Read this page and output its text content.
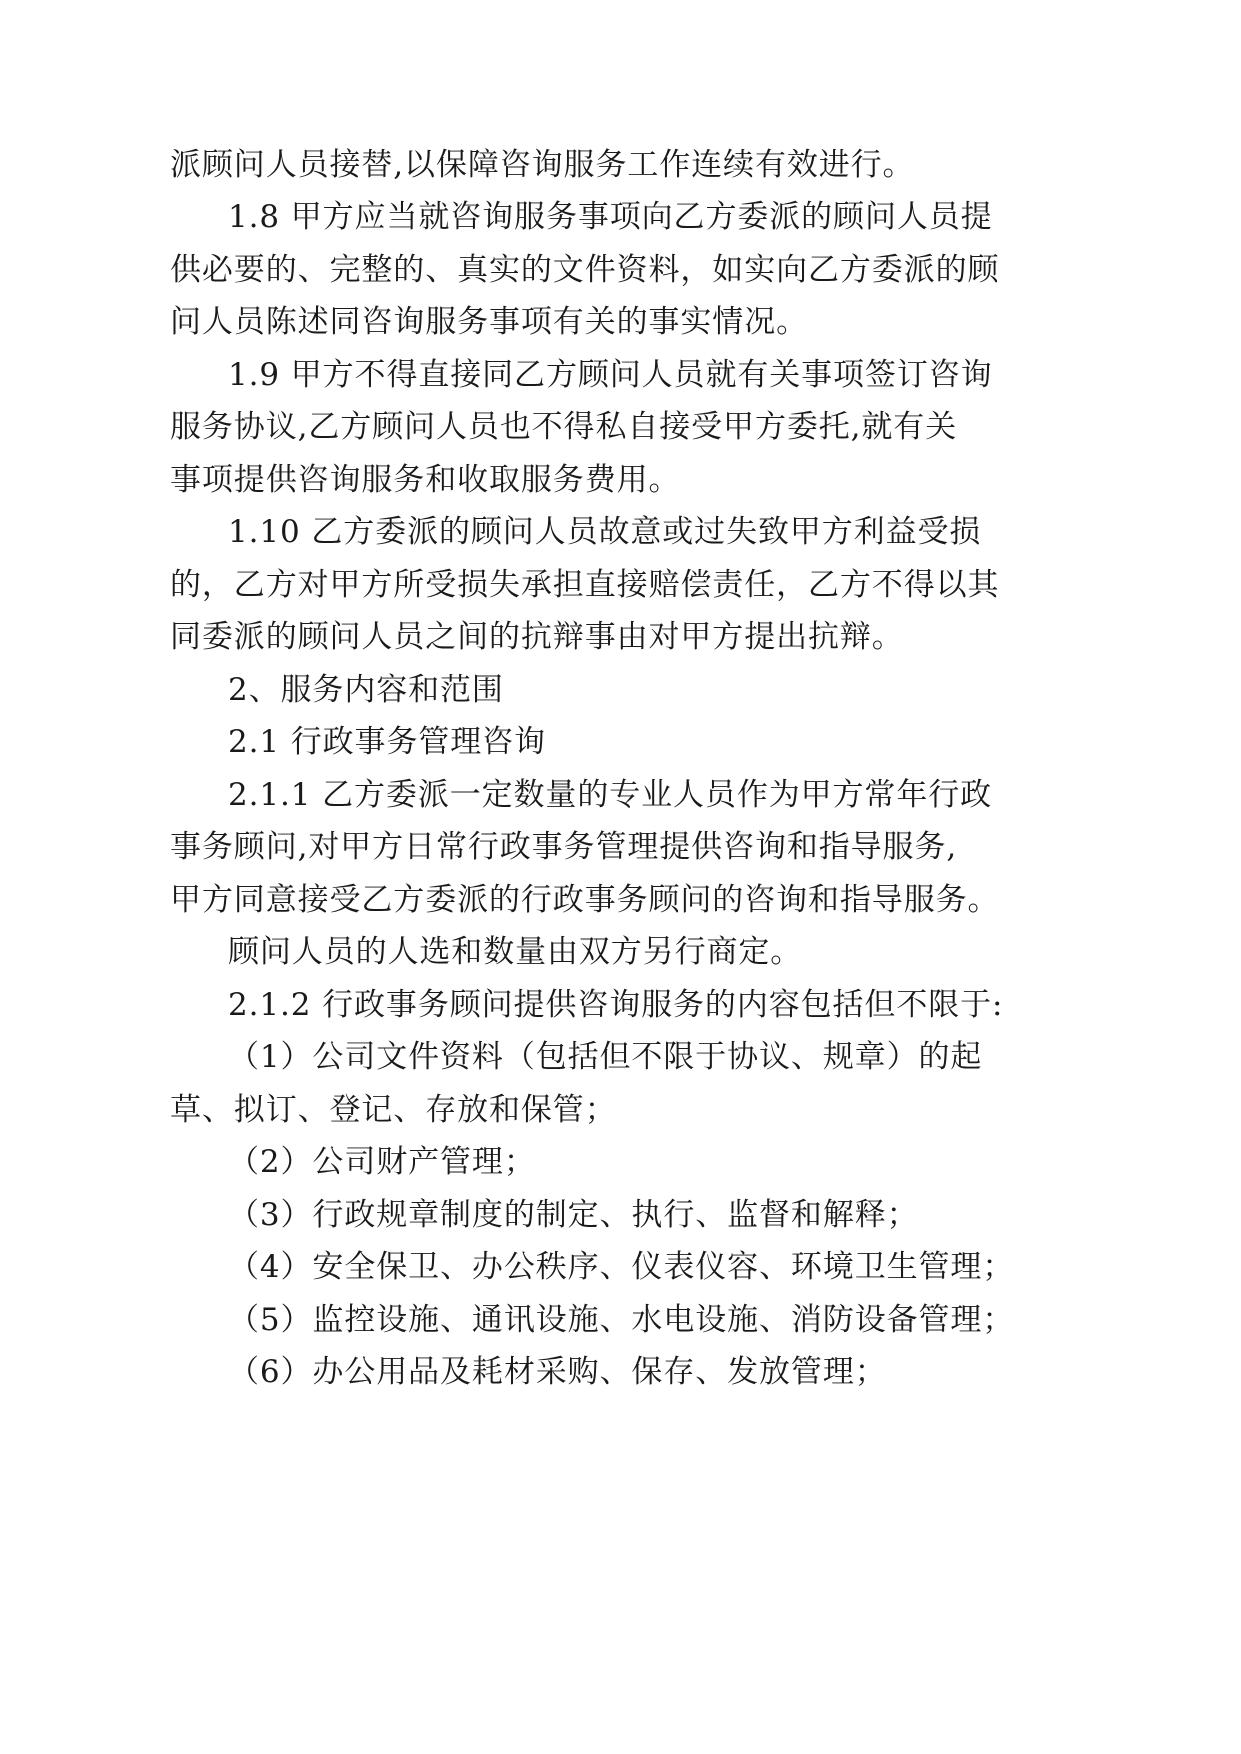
派顾问人员接替,以保障咨询服务工作连续有效进行。
1.8 甲方应当就咨询服务事项向乙方委派的顾问人员提
供必要的、完整的、真实的文件资料，如实向乙方委派的顾
问人员陈述同咨询服务事项有关的事实情况。
1.9 甲方不得直接同乙方顾问人员就有关事项签订咨询
服务协议,乙方顾问人员也不得私自接受甲方委托,就有关
事项提供咨询服务和收取服务费用。
1.10 乙方委派的顾问人员故意或过失致甲方利益受损
的，乙方对甲方所受损失承担直接赔偿责任，乙方不得以其
同委派的顾问人员之间的抗辩事由对甲方提出抗辩。
2、服务内容和范围
2.1 行政事务管理咨询
2.1.1 乙方委派一定数量的专业人员作为甲方常年行政
事务顾问,对甲方日常行政事务管理提供咨询和指导服务,
甲方同意接受乙方委派的行政事务顾问的咨询和指导服务。
顾问人员的人选和数量由双方另行商定。
2.1.2 行政事务顾问提供咨询服务的内容包括但不限于:
（1）公司文件资料（包括但不限于协议、规章）的起
草、拟订、登记、存放和保管；
（2）公司财产管理；
（3）行政规章制度的制定、执行、监督和解释；
（4）安全保卫、办公秩序、仪表仪容、环境卫生管理；
（5）监控设施、通讯设施、水电设施、消防设备管理；
（6）办公用品及耗材采购、保存、发放管理；
